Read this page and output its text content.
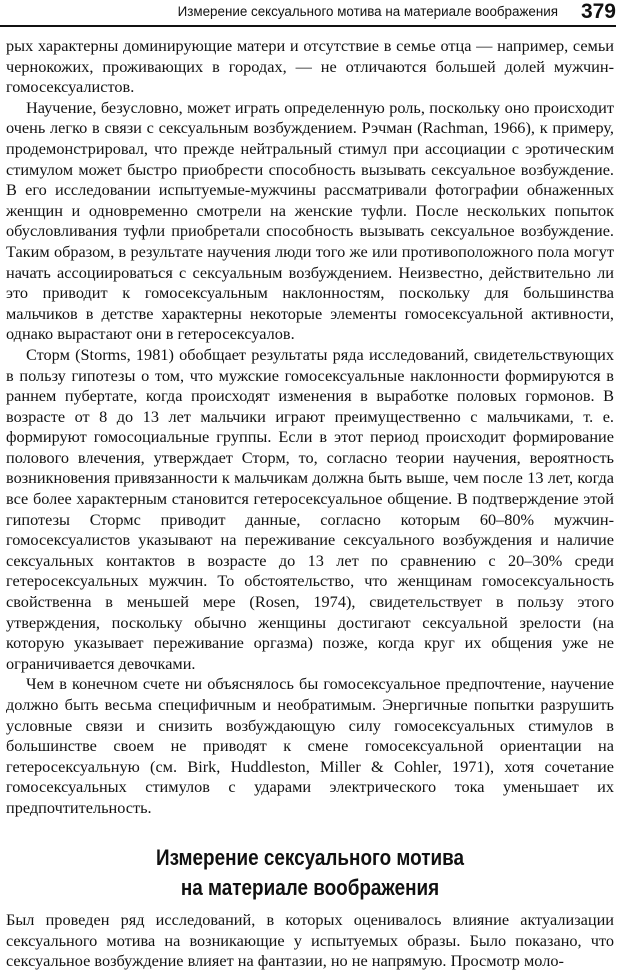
Измерение сексуального мотива на материале воображения 379

рых характерны доминирующие матери и отсутствие в семье отца — например, семьи чернокожих, проживающих в городах, — не отличаются большей долей мужчин-гомосексуалистов.

Научение, безусловно, может играть определенную роль, поскольку оно происходит очень легко в связи с сексуальным возбуждением. Рэчман (Rachman, 1966), к примеру, продемонстрировал, что прежде нейтральный стимул при ассоциации с эротическим стимулом может быстро приобрести способность вызывать сексуальное возбуждение. В его исследовании испытуемые-мужчины рассматривали фотографии обнаженных женщин и одновременно смотрели на женские туфли. После нескольких попыток обусловливания туфли приобретали способность вызывать сексуальное возбуждение. Таким образом, в результате научения люди того же или противоположного пола могут начать ассоциироваться с сексуальным возбуждением. Неизвестно, действительно ли это приводит к гомосексуальным наклонностям, поскольку для большинства мальчиков в детстве характерны некоторые элементы гомосексуальной активности, однако вырастают они в гетеросексуалов.

Сторм (Storms, 1981) обобщает результаты ряда исследований, свидетельствующих в пользу гипотезы о том, что мужские гомосексуальные наклонности формируются в раннем пубертате, когда происходят изменения в выработке половых гормонов. В возрасте от 8 до 13 лет мальчики играют преимущественно с мальчиками, т. е. формируют гомосоциальные группы. Если в этот период происходит формирование полового влечения, утверждает Сторм, то, согласно теории научения, вероятность возникновения привязанности к мальчикам должна быть выше, чем после 13 лет, когда все более характерным становится гетеросексуальное общение. В подтверждение этой гипотезы Стормс приводит данные, согласно которым 60–80% мужчин-гомосексуалистов указывают на переживание сексуального возбуждения и наличие сексуальных контактов в возрасте до 13 лет по сравнению с 20–30% среди гетеросексуальных мужчин. То обстоятельство, что женщинам гомосексуальность свойственна в меньшей мере (Rosen, 1974), свидетельствует в пользу этого утверждения, поскольку обычно женщины достигают сексуальной зрелости (на которую указывает переживание оргазма) позже, когда круг их общения уже не ограничивается девочками.

Чем в конечном счете ни объяснялось бы гомосексуальное предпочтение, научение должно быть весьма специфичным и необратимым. Энергичные попытки разрушить условные связи и снизить возбуждающую силу гомосексуальных стимулов в большинстве своем не приводят к смене гомосексуальной ориентации на гетеросексуальную (см. Birk, Huddleston, Miller & Cohler, 1971), хотя сочетание гомосексуальных стимулов с ударами электрического тока уменьшает их предпочтительность.

Измерение сексуального мотива
на материале воображения

Был проведен ряд исследований, в которых оценивалось влияние актуализации сексуального мотива на возникающие у испытуемых образы. Было показано, что сексуальное возбуждение влияет на фантазии, но не напрямую. Просмотр моло-
